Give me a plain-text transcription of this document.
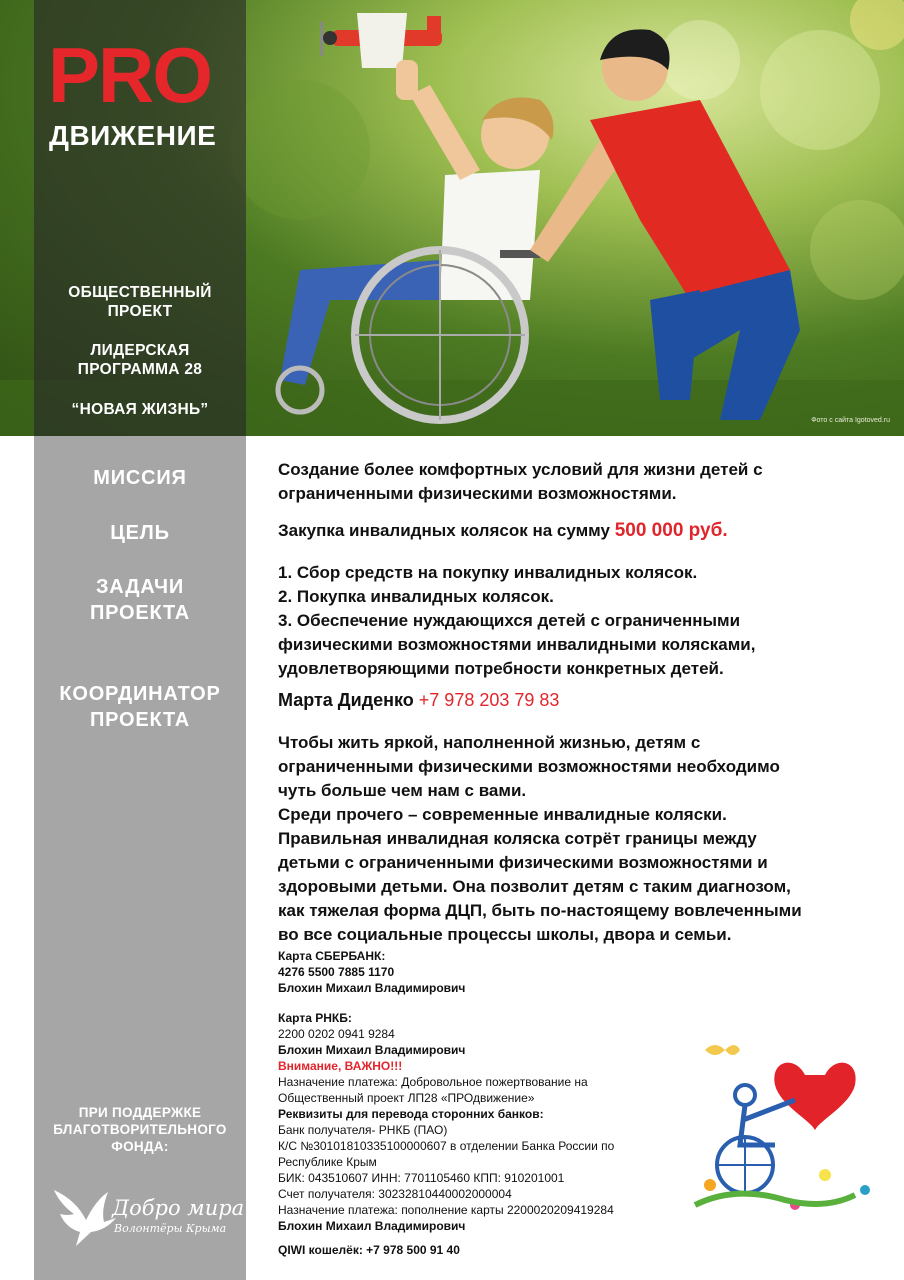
Фото с сайта Igotoved.ru
PRO
ДВИЖЕНИЕ
ОБЩЕСТВЕННЫЙ
ПРОЕКТ
ЛИДЕРСКАЯ
ПРОГРАММА 28
“НОВАЯ ЖИЗНЬ”
МИССИЯ
ЦЕЛЬ
ЗАДАЧИ
ПРОЕКТА
КООРДИНАТОР
ПРОЕКТА
ПРИ ПОДДЕРЖКЕ
БЛАГОТВОРИТЕЛЬНОГО
ФОНДА:
Добро мира
Волонтёры Крыма
Создание более комфортных условий для жизни детей с
ограниченными физическими возможностями.
Закупка инвалидных колясок на сумму 500 000 руб.
1. Сбор средств на покупку инвалидных колясок.
2. Покупка инвалидных колясок.
3. Обеспечение нуждающихся детей с ограниченными
физическими возможностями инвалидными колясками,
удовлетворяющими потребности конкретных детей.
Марта Диденко +7 978 203 79 83
Чтобы жить яркой, наполненной жизнью, детям с
ограниченными физическими возможностями необходимо
чуть больше чем нам с вами.
Среди прочего – современные инвалидные коляски.
Правильная инвалидная коляска сотрёт границы между
детьми с ограниченными физическими возможностями и
здоровыми детьми. Она позволит детям с таким диагнозом,
как тяжелая форма ДЦП, быть по-настоящему вовлеченными
во все социальные процессы школы, двора и семьи.
Карта СБЕРБАНК:
4276 5500 7885 1170
Блохин Михаил Владимирович
Карта РНКБ:
2200 0202 0941 9284
Блохин Михаил Владимирович
Внимание, ВАЖНО!!!
Назначение платежа: Добровольное пожертвование на
Общественный проект ЛП28 «ПРОдвижение»
Реквизиты для перевода сторонних банков:
Банк получателя- РНКБ (ПАО)
К/С №30101810335100000607 в отделении Банка России по
Республике Крым
БИК: 043510607 ИНН: 7701105460 КПП: 910201001
Счет получателя: 30232810440002000004
Назначение платежа: пополнение карты 2200020209419284
Блохин Михаил Владимирович
QIWI кошелёк: +7 978 500 91 40
